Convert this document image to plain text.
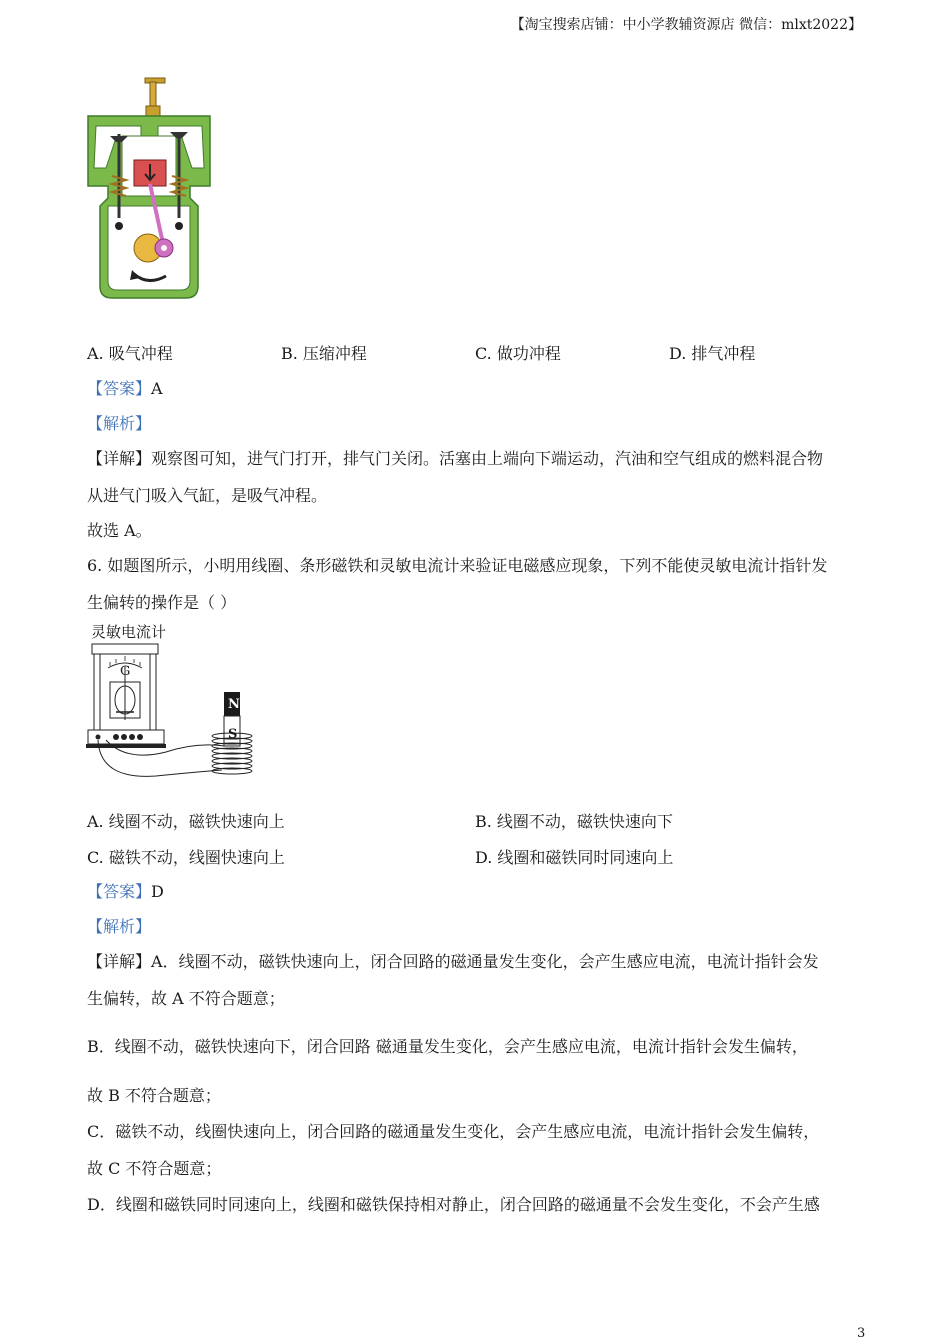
【淘宝搜索店铺：中小学教辅资源店 微信：mlxt2022】
A. 吸气冲程	B. 压缩冲程	C. 做功冲程	D. 排气冲程
【答案】A
【解析】
【详解】观察图可知，进气门打开，排气门关闭。活塞由上端向下端运动，汽油和空气组成的燃料混合物
从进气门吸入气缸，是吸气冲程。
故选 A。
6. 如题图所示，小明用线圈、条形磁铁和灵敏电流计来验证电磁感应现象，下列不能使灵敏电流计指针发
生偏转的操作是（ ）
灵敏电流计
G
N
S
A. 线圈不动，磁铁快速向上	B. 线圈不动，磁铁快速向下
C. 磁铁不动，线圈快速向上	D. 线圈和磁铁同时同速向上
【答案】D
【解析】
【详解】A．线圈不动，磁铁快速向上，闭合回路的磁通量发生变化，会产生感应电流，电流计指针会发
生偏转，故 A 不符合题意；
B．线圈不动，磁铁快速向下，闭合回路 磁通量发生变化，会产生感应电流，电流计指针会发生偏转，
故 B 不符合题意；
C．磁铁不动，线圈快速向上，闭合回路的磁通量发生变化，会产生感应电流，电流计指针会发生偏转，
故 C 不符合题意；
D．线圈和磁铁同时同速向上，线圈和磁铁保持相对静止，闭合回路的磁通量不会发生变化，不会产生感
3
